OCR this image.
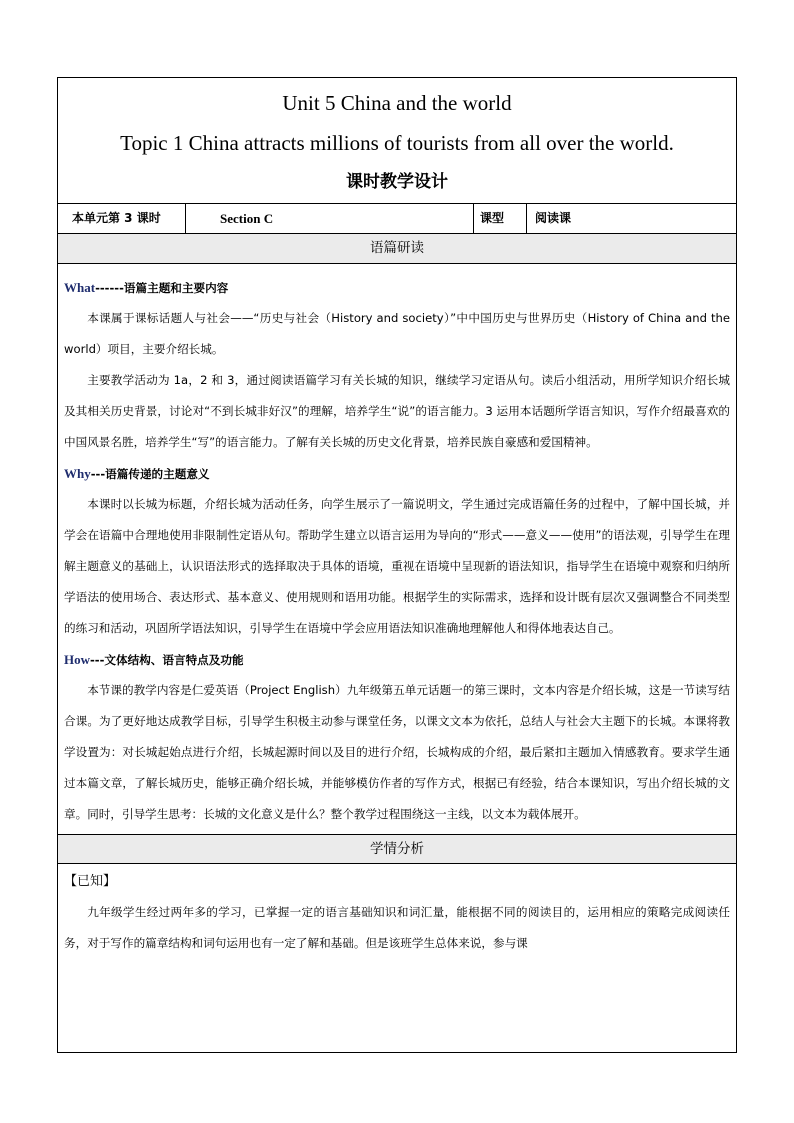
Unit 5 China and the world
Topic 1 China attracts millions of tourists from all over the world.
课时教学设计
本单元第 3 课时	Section C	课型	阅读课
语篇研读
What------语篇主题和主要内容

本课属于课标话题人与社会——“历史与社会（History and society）”中中国历史与世界历史（History of China and the world）项目，主要介绍长城。

主要教学活动为 1a，2 和 3，通过阅读语篇学习有关长城的知识，继续学习定语从句。读后小组活动，用所学知识介绍长城及其相关历史背景，讨论对“不到长城非好汉”的理解，培养学生“说”的语言能力。3 运用本话题所学语言知识，写作介绍最喜欢的中国风景名胜，培养学生“写”的语言能力。了解有关长城的历史文化背景，培养民族自豪感和爱国精神。

Why---语篇传递的主题意义

本课时以长城为标题，介绍长城为活动任务，向学生展示了一篇说明文，学生通过完成语篇任务的过程中，了解中国长城，并学会在语篇中合理地使用非限制性定语从句。帮助学生建立以语言运用为导向的“形式——意义——使用”的语法观，引导学生在理解主题意义的基础上，认识语法形式的选择取决于具体的语境，重视在语境中呈现新的语法知识，指导学生在语境中观察和归纳所学语法的使用场合、表达形式、基本意义、使用规则和语用功能。根据学生的实际需求，选择和设计既有层次又强调整合不同类型的练习和活动，巩固所学语法知识，引导学生在语境中学会应用语法知识准确地理解他人和得体地表达自己。

How---文体结构、语言特点及功能

本节课的教学内容是仁爱英语（Project English）九年级第五单元话题一的第三课时，文本内容是介绍长城，这是一节读写结合课。为了更好地达成教学目标，引导学生积极主动参与课堂任务，以课文文本为依托，总结人与社会大主题下的长城。本课将教学设置为：对长城起始点进行介绍，长城起源时间以及目的进行介绍，长城构成的介绍，最后紧扣主题加入情感教育。要求学生通过本篇文章，了解长城历史，能够正确介绍长城，并能够模仿作者的写作方式，根据已有经验，结合本课知识，写出介绍长城的文章。同时，引导学生思考：长城的文化意义是什么？整个教学过程围绕这一主线，以文本为载体展开。

学情分析
【已知】

九年级学生经过两年多的学习，已掌握一定的语言基础知识和词汇量，能根据不同的阅读目的，运用相应的策略完成阅读任务，对于写作的篇章结构和词句运用也有一定了解和基础。但是该班学生总体来说，参与课
